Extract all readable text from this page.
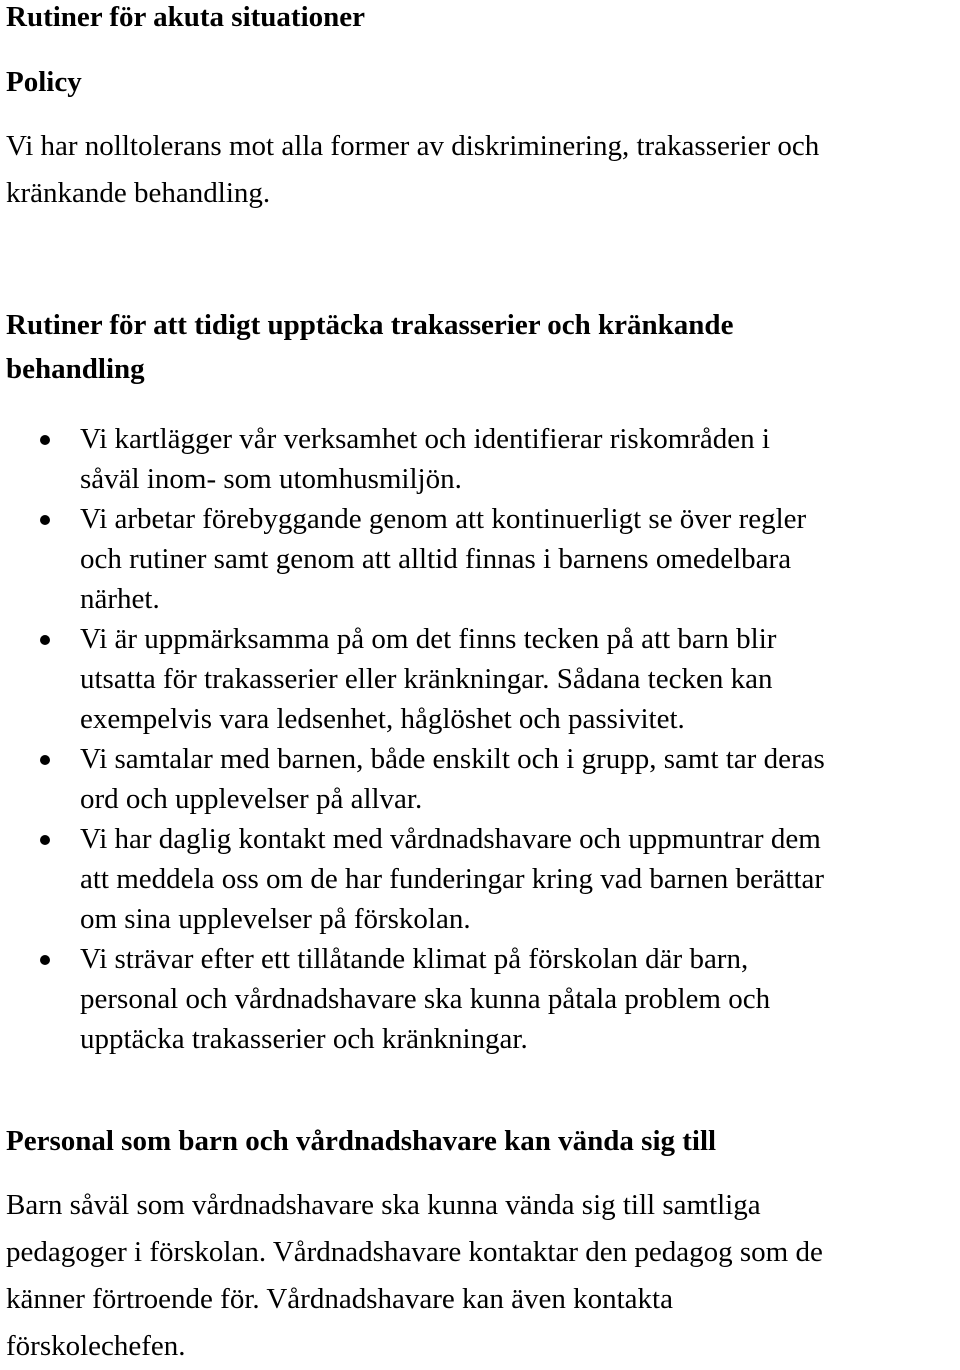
Rutiner för akuta situationer
Policy

Vi har nolltolerans mot alla former av diskriminering, trakasserier och
kränkande behandling.

Rutiner för att tidigt upptäcka trakasserier och kränkande
behandling
Vi kartlägger vår verksamhet och identifierar riskområden i
såväl inom- som utomhusmiljön.
Vi arbetar förebyggande genom att kontinuerligt se över regler
och rutiner samt genom att alltid finnas i barnens omedelbara
närhet.
Vi är uppmärksamma på om det finns tecken på att barn blir
utsatta för trakasserier eller kränkningar. Sådana tecken kan
exempelvis vara ledsenhet, håglöshet och passivitet.
Vi samtalar med barnen, både enskilt och i grupp, samt tar deras
ord och upplevelser på allvar.
Vi har daglig kontakt med vårdnadshavare och uppmuntrar dem
att meddela oss om de har funderingar kring vad barnen berättar
om sina upplevelser på förskolan.
Vi strävar efter ett tillåtande klimat på förskolan där barn,
personal och vårdnadshavare ska kunna påtala problem och
upptäcka trakasserier och kränkningar.
Personal som barn och vårdnadshavare kan vända sig till

Barn såväl som vårdnadshavare ska kunna vända sig till samtliga
pedagoger i förskolan. Vårdnadshavare kontaktar den pedagog som de
känner förtroende för. Vårdnadshavare kan även kontakta
förskolechefen.
